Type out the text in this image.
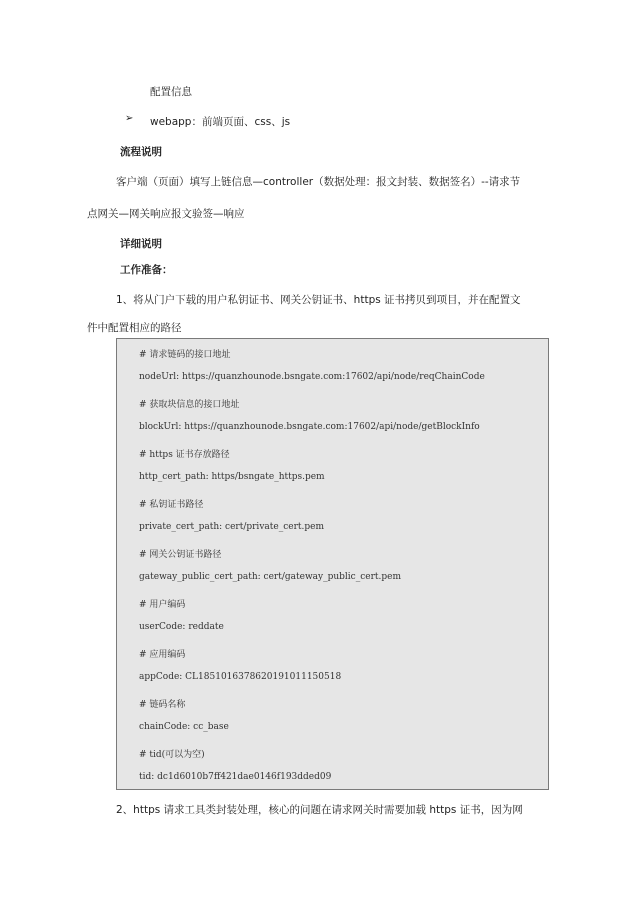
配置信息
➢ webapp：前端页面、css、js
流程说明
客户端（页面）填写上链信息—controller（数据处理：报文封装、数据签名）--请求节
点网关—网关响应报文验签—响应
详细说明
工作准备：
1、将从门户下载的用户私钥证书、网关公钥证书、https 证书拷贝到项目，并在配置文
件中配置相应的路径
# 请求链码的接口地址
nodeUrl: https://quanzhounode.bsngate.com:17602/api/node/reqChainCode
# 获取块信息的接口地址
blockUrl: https://quanzhounode.bsngate.com:17602/api/node/getBlockInfo
# https 证书存放路径
http_cert_path: https/bsngate_https.pem
# 私钥证书路径
private_cert_path: cert/private_cert.pem
# 网关公钥证书路径
gateway_public_cert_path: cert/gateway_public_cert.pem
# 用户编码
userCode: reddate
# 应用编码
appCode: CL1851016378620191011150518
# 链码名称
chainCode: cc_base
# tid(可以为空)
tid: dc1d6010b7ff421dae0146f193dded09
2、https 请求工具类封装处理，核心的问题在请求网关时需要加载 https 证书，因为网
